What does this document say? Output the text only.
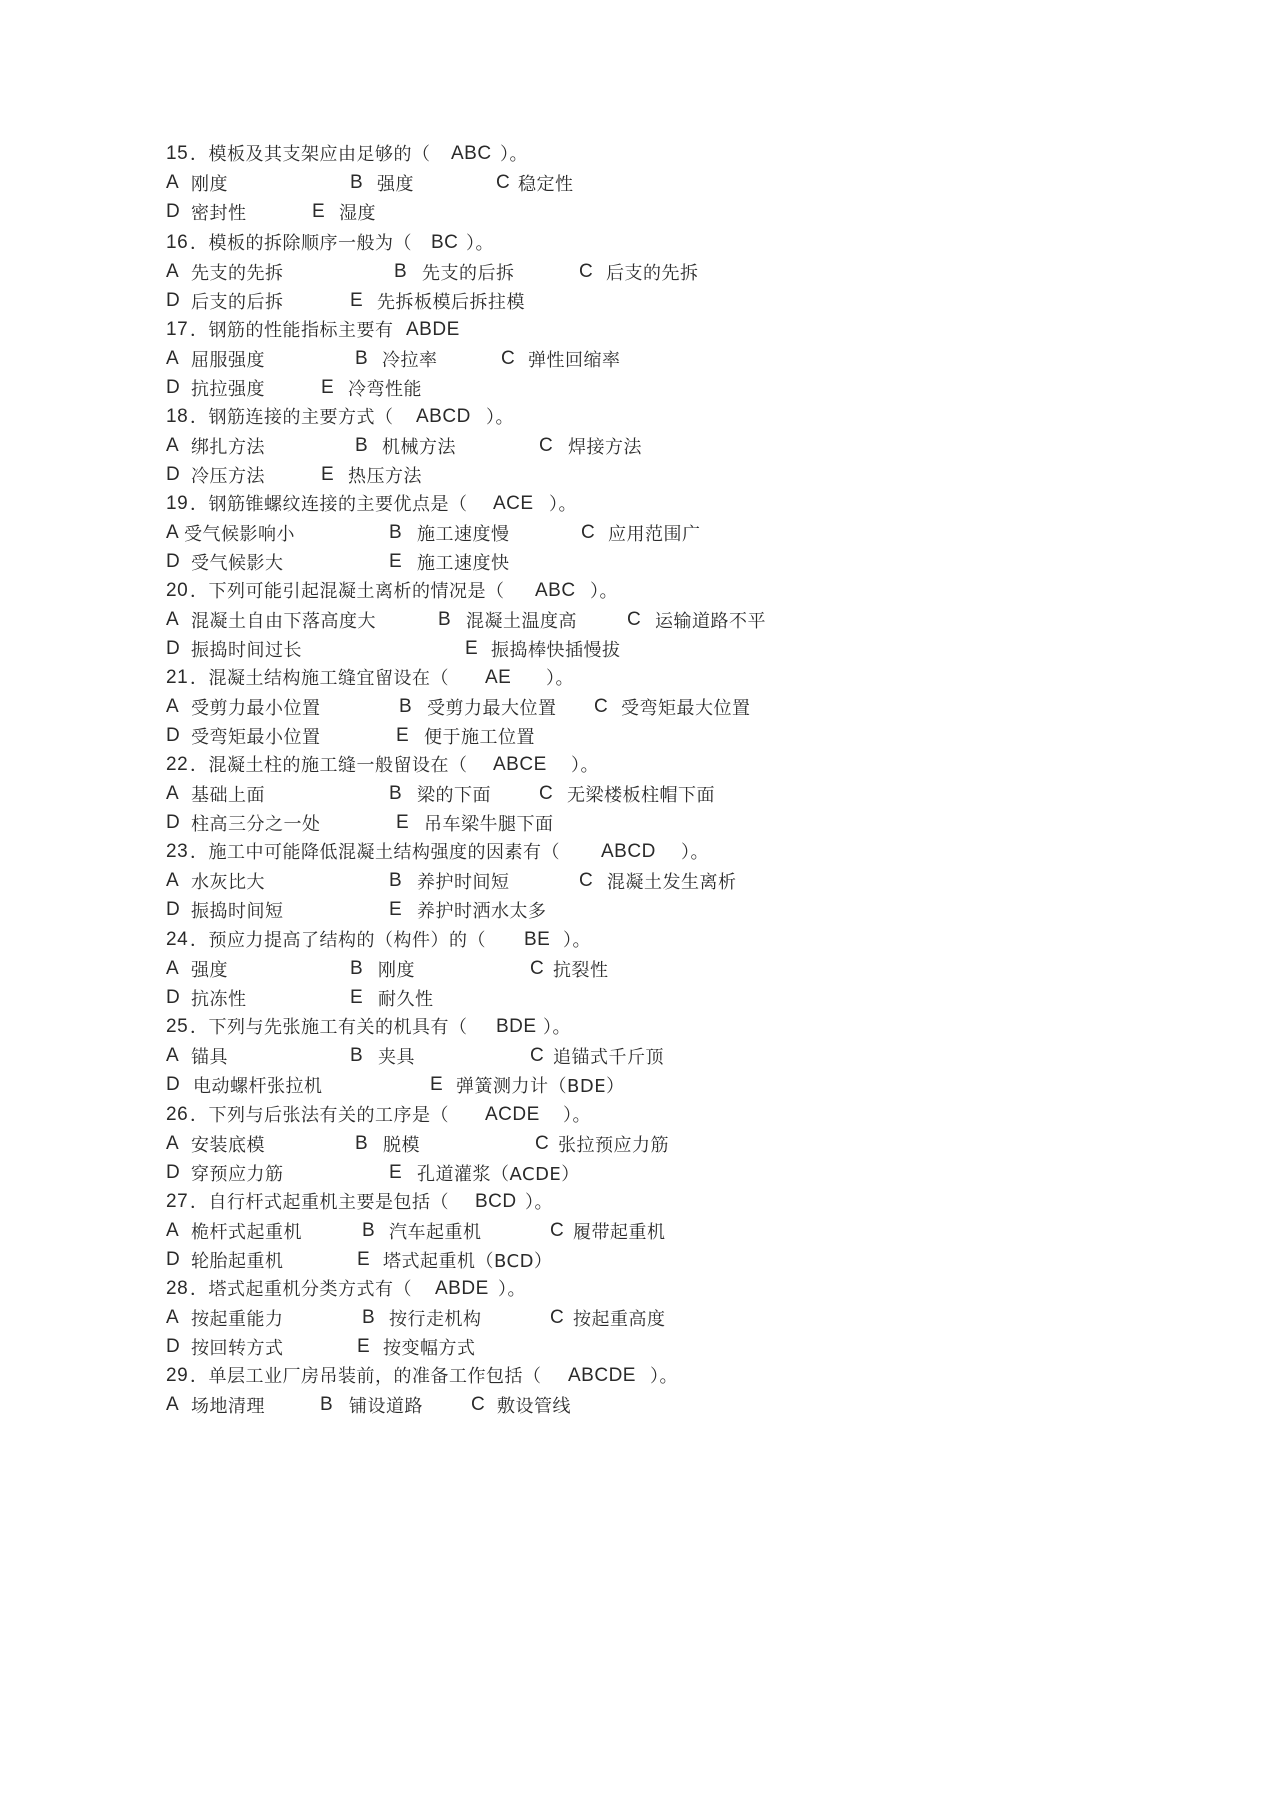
15 ．模板及其支架应由足够的（ ABC ）。
A 刚度	B 强度	C 稳定性
D 密封性	E 湿度
16 ．模板的拆除顺序一般为（ BC ）。
A 先支的先拆	B 先支的后拆	C 后支的先拆
D 后支的后拆	E 先拆板模后拆拄模
17 ．钢筋的性能指标主要有 ABDE
A 屈服强度	B 冷拉率	C 弹性回缩率
D 抗拉强度	E 冷弯性能
18 ．钢筋连接的主要方式（ ABCD ）。
A 绑扎方法	B 机械方法	C 焊接方法
D 冷压方法	E 热压方法
19 ．钢筋锥螺纹连接的主要优点是（ ACE ）。
A 受气候影响小	B 施工速度慢	C 应用范围广
D 受气候影大	E 施工速度快
20 ．下列可能引起混凝土离析的情况是（ ABC ）。
A 混凝土自由下落高度大	B 混凝土温度高	C 运输道路不平
D 振捣时间过长	E 振捣棒快插慢拔
21 ．混凝土结构施工缝宜留设在（ AE ）。
A 受剪力最小位置	B 受剪力最大位置 C 受弯矩最大位置
D 受弯矩最小位置	E 便于施工位置
22 ．混凝土柱的施工缝一般留设在（ ABCE ）。
A 基础上面	B 梁的下面	C 无梁楼板柱帽下面
D 柱高三分之一处	E 吊车梁牛腿下面
23 ．施工中可能降低混凝土结构强度的因素有（ ABCD ）。
A 水灰比大	B 养护时间短	C 混凝土发生离析
D 振捣时间短	E 养护时洒水太多
24 ．预应力提高了结构的（构件）的（ BE ）。
A 强度	B 刚度	C 抗裂性
D 抗冻性	E 耐久性
25 ．下列与先张施工有关的机具有（ BDE ）。
A 锚具	B 夹具	C 追锚式千斤顶
D 电动螺杆张拉机	E 弹簧测力计（BDE）
26 ．下列与后张法有关的工序是（ ACDE ）。
A 安装底模	B 脱模	C 张拉预应力筋
D 穿预应力筋	E 孔道灌浆（ACDE）
27 ．自行杆式起重机主要是包括（ BCD ）。
A 桅杆式起重机	B 汽车起重机	C 履带起重机
D 轮胎起重机	E 塔式起重机（BCD）
28 ．塔式起重机分类方式有（ ABDE ）。
A 按起重能力	B 按行走机构	C 按起重高度
D 按回转方式	E 按变幅方式
29 ．单层工业厂房吊装前，的准备工作包括（ ABCDE ）。
A 场地清理	B 铺设道路	C 敷设管线
